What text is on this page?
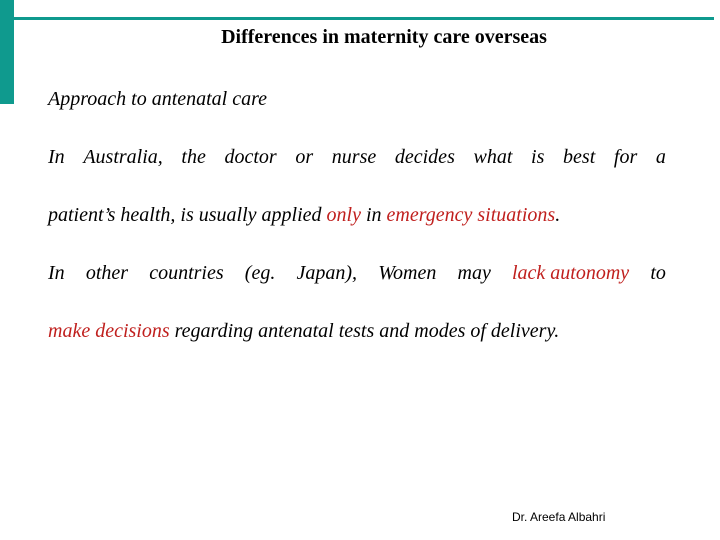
Differences in maternity care overseas
Approach to antenatal care
In Australia, the doctor or nurse decides what is best for a
patient’s health, is usually applied only in emergency situations.
In other countries (eg. Japan), Women may lack autonomy to
make decisions regarding antenatal tests and modes of delivery.
Dr. Areefa Albahri
